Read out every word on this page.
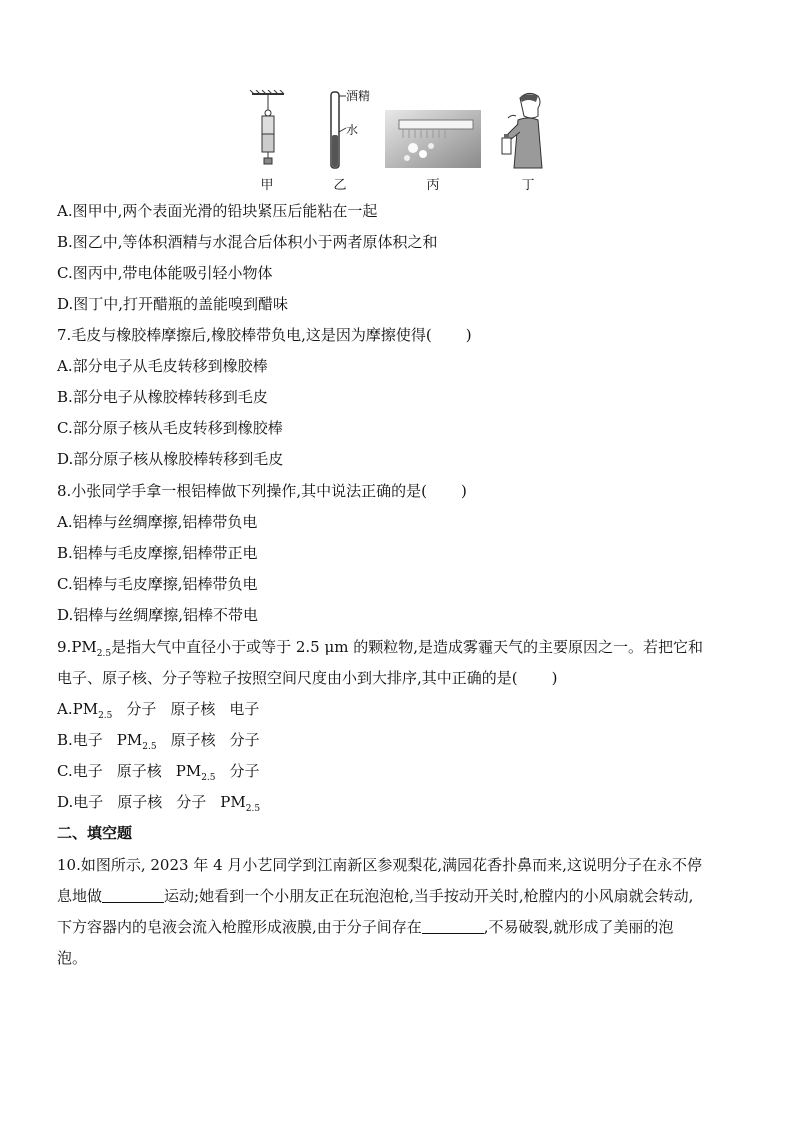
甲
酒精
水
乙	丙	丁
A.图甲中,两个表面光滑的铅块紧压后能粘在一起
B.图乙中,等体积酒精与水混合后体积小于两者原体积之和
C.图丙中,带电体能吸引轻小物体
D.图丁中,打开醋瓶的盖能嗅到醋味
7.毛皮与橡胶棒摩擦后,橡胶棒带负电,这是因为摩擦使得( )
A.部分电子从毛皮转移到橡胶棒
B.部分电子从橡胶棒转移到毛皮
C.部分原子核从毛皮转移到橡胶棒
D.部分原子核从橡胶棒转移到毛皮
8.小张同学手拿一根铝棒做下列操作,其中说法正确的是( )
A.铝棒与丝绸摩擦,铝棒带负电
B.铝棒与毛皮摩擦,铝棒带正电
C.铝棒与毛皮摩擦,铝棒带负电
D.铝棒与丝绸摩擦,铝棒不带电
$9.PM_{2.5}$是指大气中直径小于或等于 2.5 μm 的颗粒物,是造成雾霾天气的主要原因之一。若把它和
电子、原子核、分子等粒子按照空间尺度由小到大排序,其中正确的是( )
$A.PM_{2.5}$ 分子 原子核 电子
B.电子 $PM_{2.5}$ 原子核 分子
C.电子 原子核 $PM_{2.5}$ 分子
D.电子 原子核 分子 $PM_{2.5}$
二、填空题
10.如图所示, 2023 年 4 月小艺同学到江南新区参观梨花,满园花香扑鼻而来,这说明分子在永不停
息地做	运动;她看到一个小朋友正在玩泡泡枪,当手按动开关时,枪膛内的小风扇就会转动,
下方容器内的皂液会流入枪膛形成液膜,由于分子间存在	,不易破裂,就形成了美丽的泡
泡。
